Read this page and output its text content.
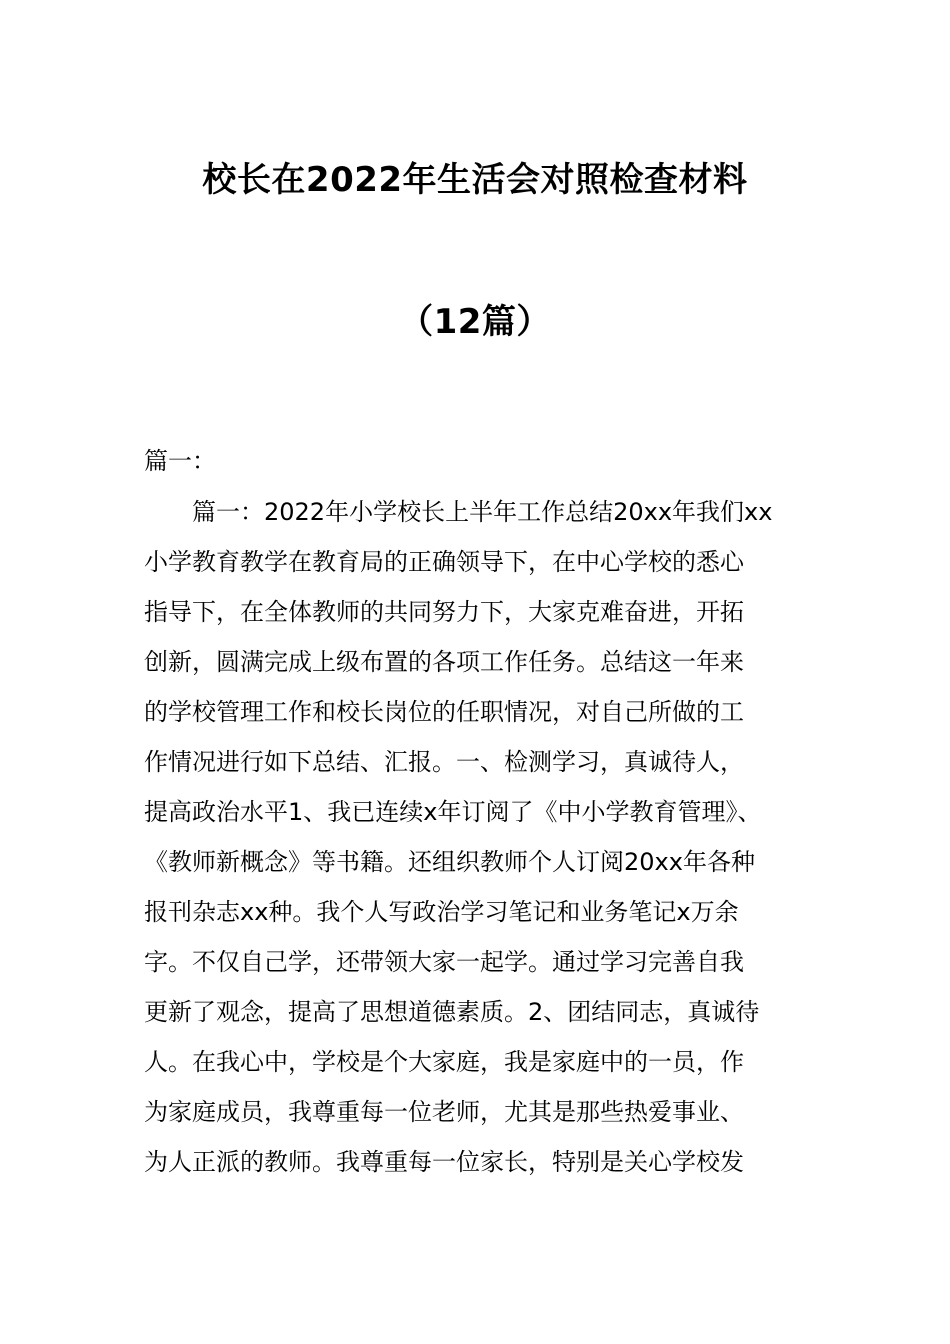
校长在2022年生活会对照检查材料
（12篇）

篇一：

篇一：2022年小学校长上半年工作总结20xx年我们xx
小学教育教学在教育局的正确领导下，在中心学校的悉心
指导下，在全体教师的共同努力下，大家克难奋进，开拓
创新，圆满完成上级布置的各项工作任务。总结这一年来
的学校管理工作和校长岗位的任职情况，对自己所做的工
作情况进行如下总结、汇报。一、检测学习，真诚待人，
提高政治水平1、我已连续x年订阅了《中小学教育管理》、
《教师新概念》等书籍。还组织教师个人订阅20xx年各种
报刊杂志xx种。我个人写政治学习笔记和业务笔记x万余
字。不仅自己学，还带领大家一起学。通过学习完善自我
更新了观念，提高了思想道德素质。2、团结同志，真诚待
人。在我心中，学校是个大家庭，我是家庭中的一员，作
为家庭成员，我尊重每一位老师，尤其是那些热爱事业、
为人正派的教师。我尊重每一位家长，特别是关心学校发
